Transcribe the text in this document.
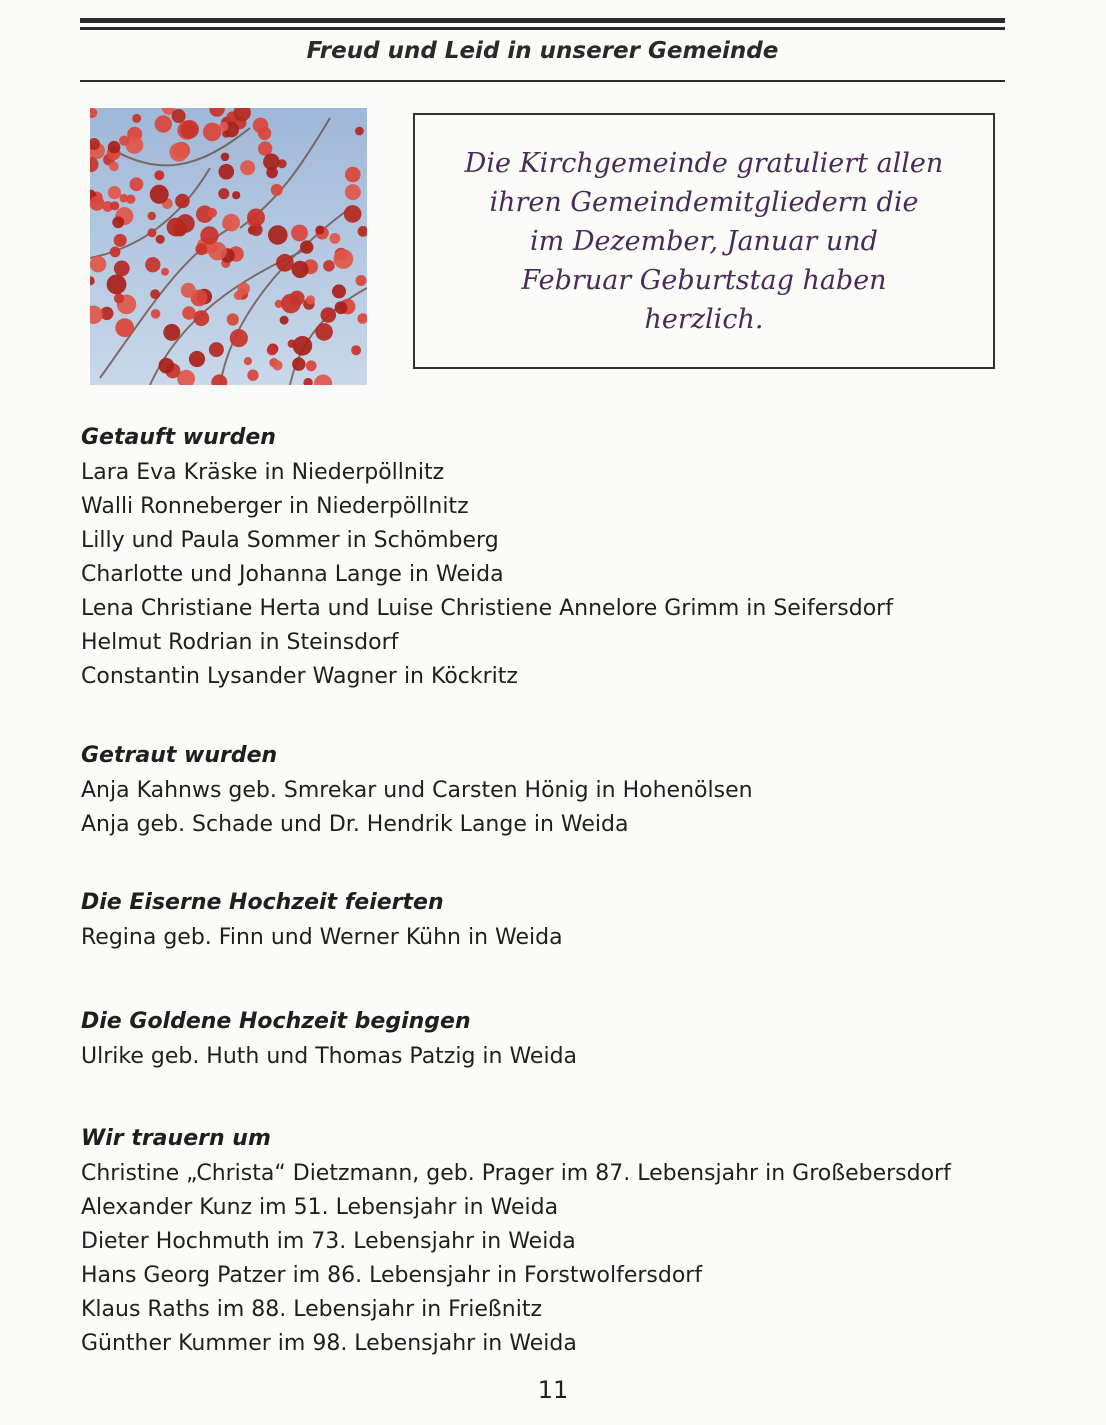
Freud und Leid in unserer Gemeinde
Die Kirchgemeinde gratuliert allen
ihren Gemeindemitgliedern die
im Dezember, Januar und
Februar Geburtstag haben
herzlich.
Getauft wurden
Lara Eva Kräske in Niederpöllnitz
Walli Ronneberger in Niederpöllnitz
Lilly und Paula Sommer in Schömberg
Charlotte und Johanna Lange in Weida
Lena Christiane Herta und Luise Christiene Annelore Grimm in Seifersdorf
Helmut Rodrian in Steinsdorf
Constantin Lysander Wagner in Köckritz
Getraut wurden
Anja Kahnws geb. Smrekar und Carsten Hönig in Hohenölsen
Anja geb. Schade und Dr. Hendrik Lange in Weida
Die Eiserne Hochzeit feierten
Regina geb. Finn und Werner Kühn in Weida
Die Goldene Hochzeit begingen
Ulrike geb. Huth und Thomas Patzig in Weida
Wir trauern um
Christine „Christa“ Dietzmann, geb. Prager im 87. Lebensjahr in Großebersdorf
Alexander Kunz im 51. Lebensjahr in Weida
Dieter Hochmuth im 73. Lebensjahr in Weida
Hans Georg Patzer im 86. Lebensjahr in Forstwolfersdorf
Klaus Raths im 88. Lebensjahr in Frießnitz
Günther Kummer im 98. Lebensjahr in Weida
11
